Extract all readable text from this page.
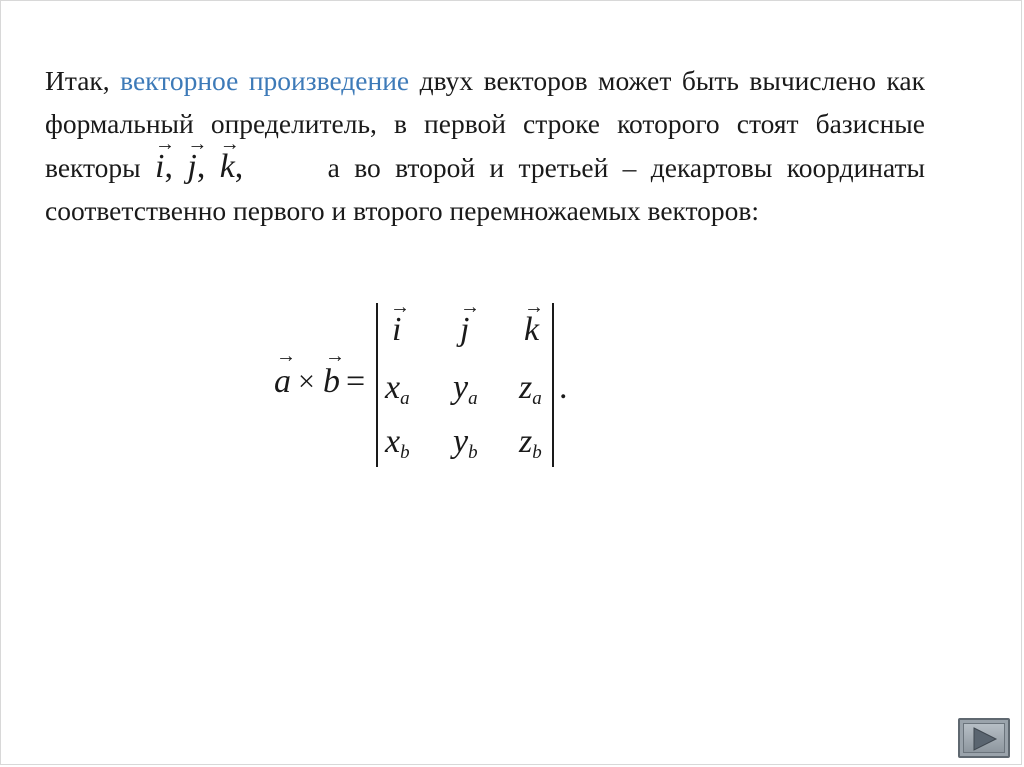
Итак, векторное произведение двух векторов может быть вычислено как формальный определитель, в первой строке которого стоят базисные векторы
→
i,
→
j,
→
k,	а во второй и третьей – декартовы координаты соответственно первого и второго перемножаемых векторов:
a
→
× b
→
=
i
→
j
→
k
→
$x_a$ $y_a$ $z_a$
$x_b$ $y_b$ $z_b$
.
